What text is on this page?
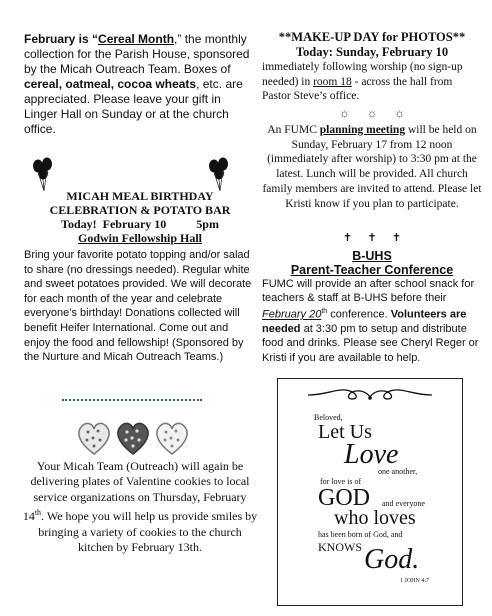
February is “Cereal Month,” the monthly collection for the Parish House, sponsored by the Micah Outreach Team. Boxes of cereal, oatmeal, cocoa wheats, etc. are appreciated. Please leave your gift in Linger Hall on Sunday or at the church office.

MICAH MEAL BIRTHDAY

CELEBRATION & POTATO BAR

Today!  February 10          5pm

Godwin Fellowship Hall

Bring your favorite potato topping and/or salad to share (no dressings needed). Regular white and sweet potatoes provided. We will decorate for each month of the year and celebrate everyone’s birthday! Donations collected will benefit Heifer International. Come out and enjoy the food and fellowship! (Sponsored by the Nurture and Micah Outreach Teams.)

Your Micah Team (Outreach) will again be delivering plates of Valentine cookies to local service organizations on Thursday, February 14th. We hope you will help us provide smiles by bringing a variety of cookies to the church kitchen by February 13th.

**MAKE-UP DAY for PHOTOS**

Today: Sunday, February 10

immediately following worship (no sign-up needed) in room 18 - across the hall from Pastor Steve’s office.

☼     ☼     ☼

An FUMC planning meeting will be held on Sunday, February 17 from 12 noon (immediately after worship) to 3:30 pm at the latest. Lunch will be provided. All church family members are invited to attend. Please let Kristi know if you plan to participate.

✝     ✝     ✝

B-UHS

Parent-Teacher Conference

FUMC will provide an after school snack for teachers & staff at B-UHS before their February 20th conference. Volunteers are needed at 3:30 pm to setup and distribute food and drinks. Please see Cheryl Reger or Kristi if you are available to help.

Beloved,
Let Us
Love
one another,
for love is of
GOD and everyone
who loves
has been born of God, and
KNOWS God.
1 JOHN 4:7
